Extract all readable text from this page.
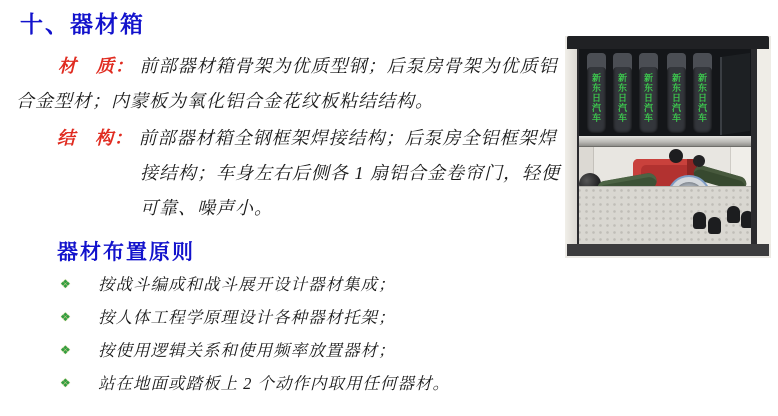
十、器材箱
材　质： 前部器材箱骨架为优质型钢；后泵房骨架为优质铝合金型材；内蒙板为氧化铝合金花纹板粘结结构。
结　构： 前部器材箱全钢框架焊接结构；后泵房全铝框架焊接结构；车身左右后侧各 1 扇铝合金卷帘门，轻便可靠、噪声小。
器材布置原则
❖	按战斗编成和战斗展开设计器材集成；
❖	按人体工程学原理设计各种器材托架；
❖	按使用逻辑关系和使用频率放置器材；
❖	站在地面或踏板上 2 个动作内取用任何器材。
新东日汽车 新东日汽车 新东日汽车 新东日汽车 新东日汽车
